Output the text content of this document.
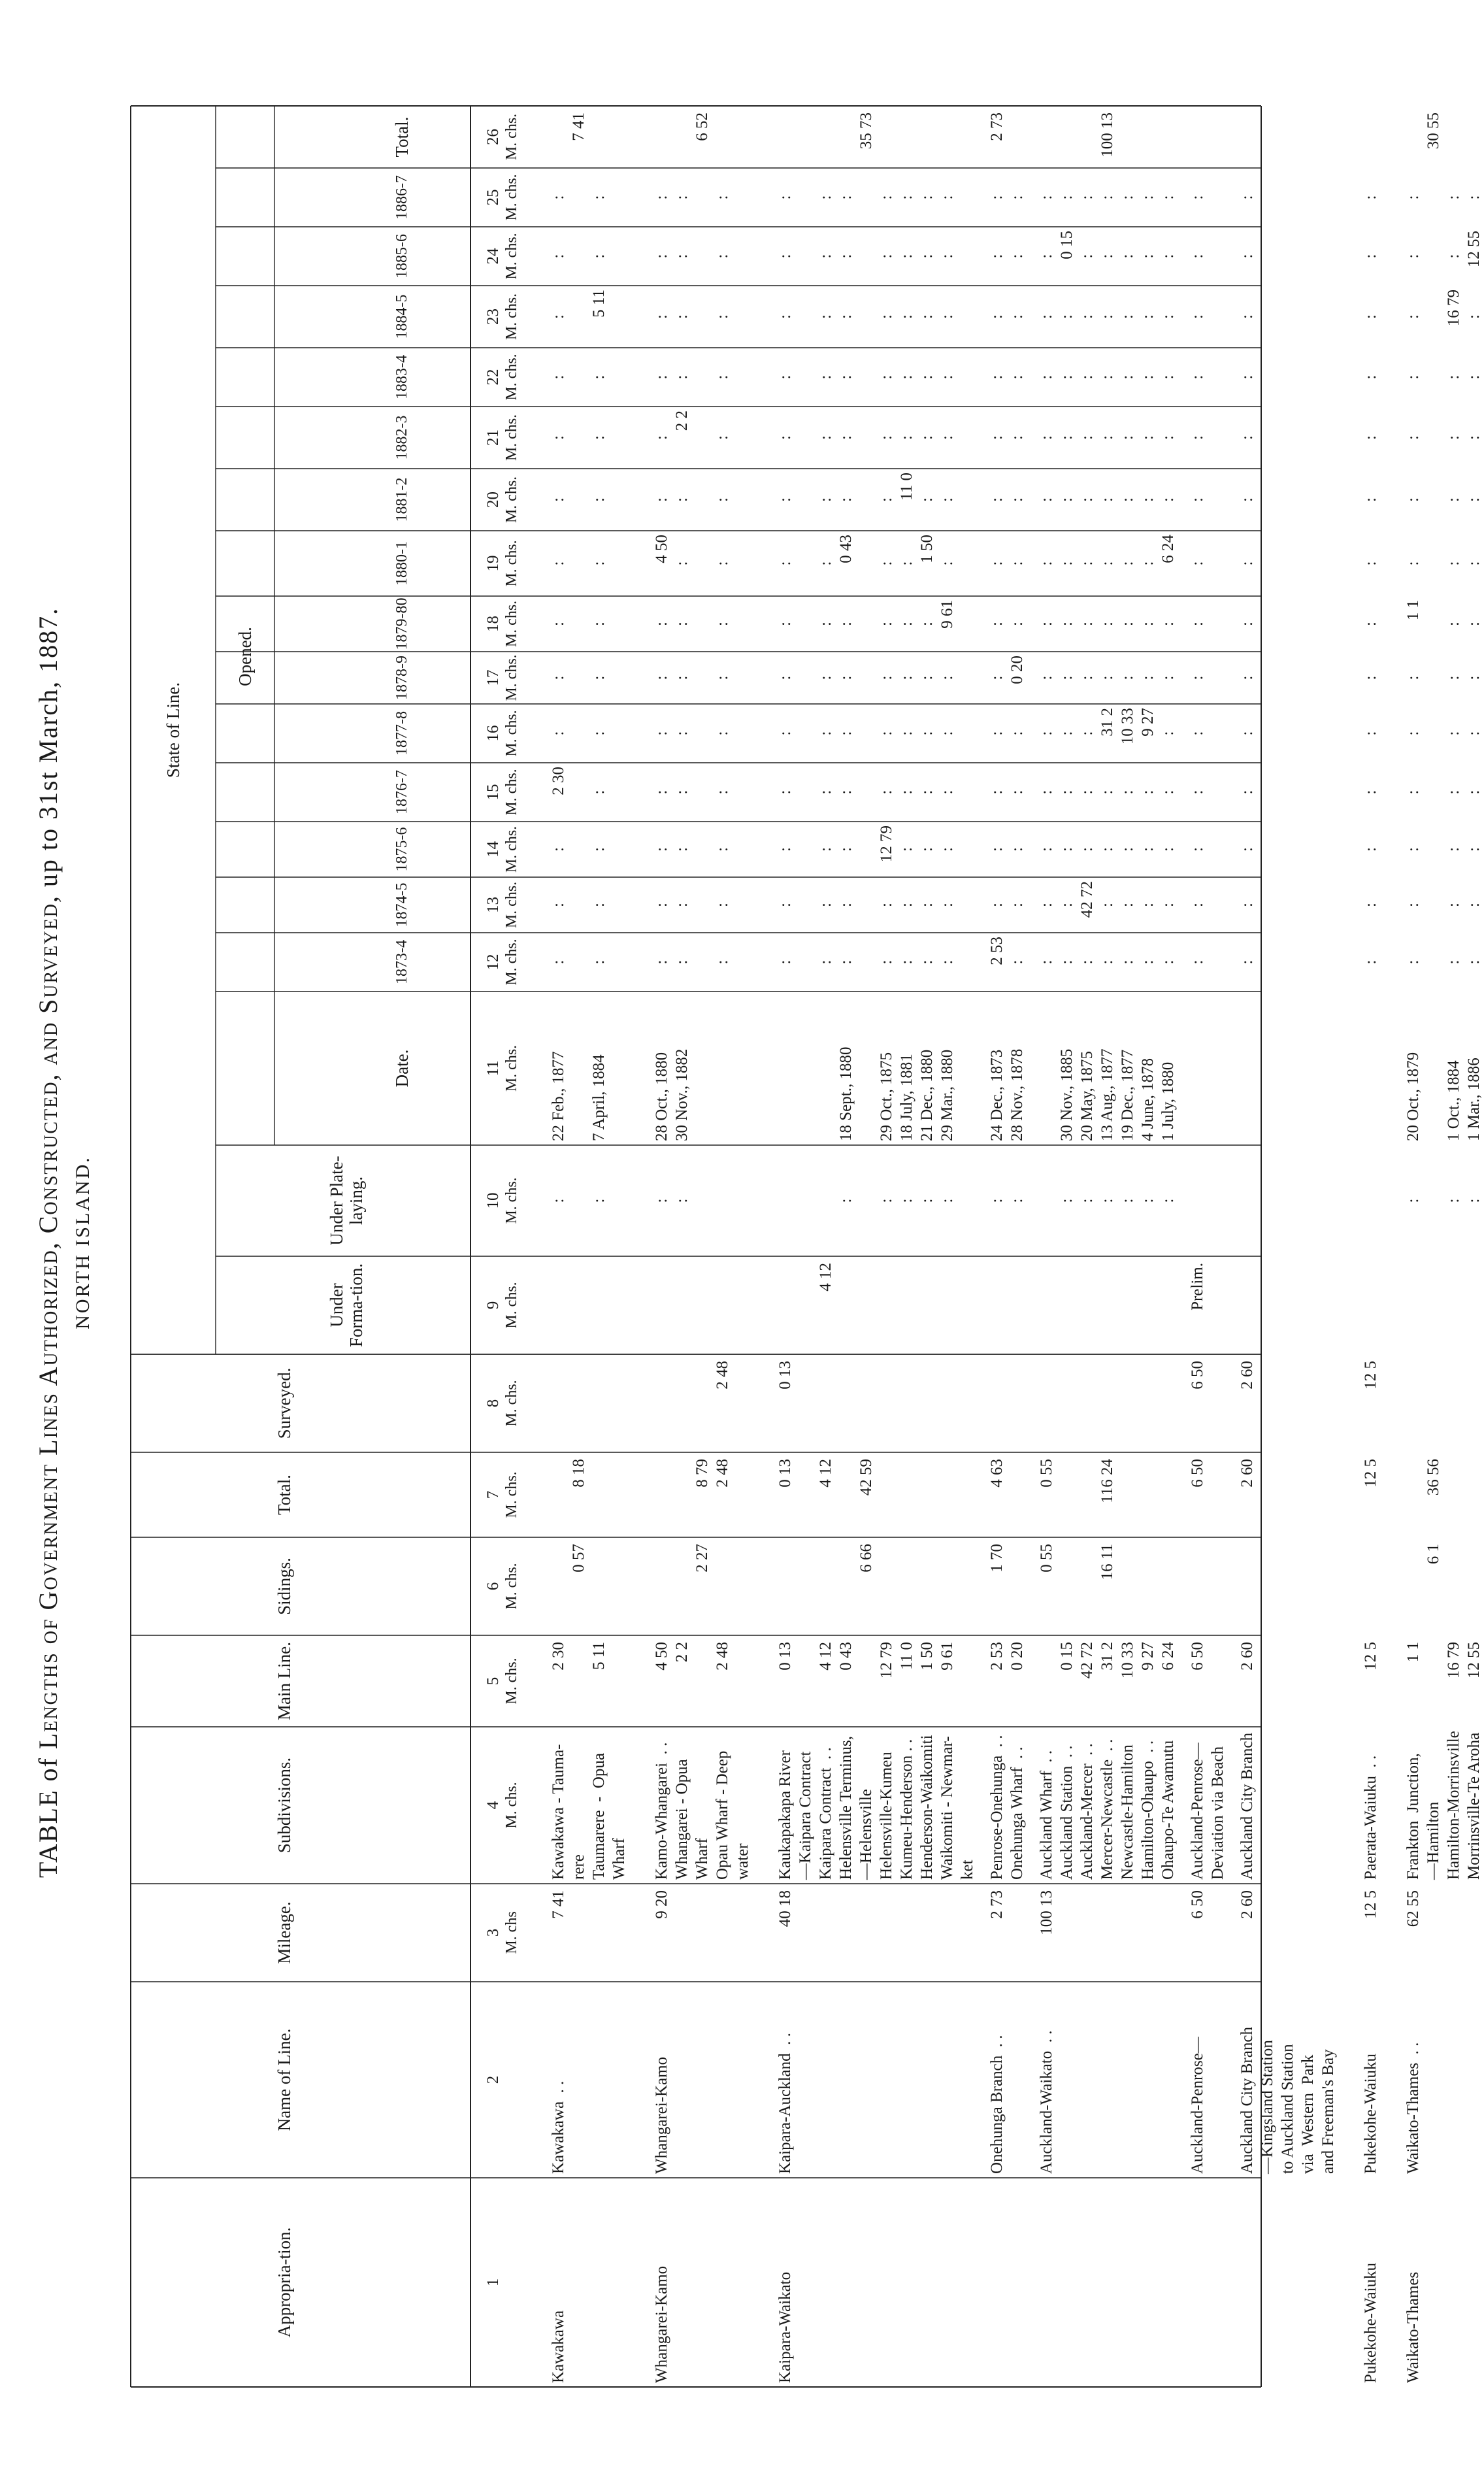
TABLE of Lengths of Government Lines Authorized, Constructed, and Surveyed, up to 31st March, 1887.
NORTH ISLAND.
Appropria-tion.
Name of Line.
Mileage.
Subdivisions.
Main Line.
Sidings.
Total.
Surveyed.
State of Line.
Under Forma-tion.
Under Plate-laying.
Opened.
Date.
1873-4
1874-5
1875-6
1876-7
1877-8
1878-9
1879-80
1880-1
1881-2
1882-3
1883-4
1884-5
1885-6
1886-7
Total.
1
2
3 M. chs
4 M. chs.
5 M. chs.
6 M. chs.
7 M. chs.
8 M. chs.
9 M. chs.
10 M. chs.
11 M. chs.
12 M. chs.
13 M. chs.
14 M. chs.
15 M. chs.
16 M. chs.
17 M. chs.
18 M. chs.
19 M. chs.
20 M. chs.
21 M. chs.
22 M. chs.
23 M. chs.
24 M. chs.
25 M. chs.
26 M. chs.
Kawakawa
Kawakawa  . .
7 41
0 57
8 18
7 41
Kawakawa - Tauma-
2 30
22 Feb., 1877
:
:
:
:
2 30
:
:
:
:
:
:
:
:
:
:
rere Taumarere  -  Opua
5 11
7 April, 1884
:
:
:
:
:
:
:
:
:
:
:
:
5 11
:
:
Wharf
Whangarei-Kamo
Whangarei-Kamo
9 20
2 27
8 79
6 52
Kamo-Whangarei  . .
4 50
28 Oct., 1880
:
:
:
:
:
:
:
:
4 50
:
:
:
:
:
:
Whangarei - Opua
2 2
30 Nov., 1882
:
:
:
:
:
:
:
:
:
:
2 2
:
:
:
:
Wharf Opau Wharf - Deep
2 48
2 48
2 48
:
:
:
:
:
:
:
:
:
:
:
:
:
:
water
Kaipara-Waikato
Kaipara-Auckland  . .
40 18
6 66
42 59
35 73
Kaukapakapa River
0 13
0 13
0 13
:
:
:
:
:
:
:
:
:
:
:
:
:
:
—Kaipara Contract Kaipara Contract  . .
4 12
4 12
4 12
:
:
:
:
:
:
:
:
:
:
:
:
:
:
Helensville Terminus,
0 43
18 Sept., 1880
:
:
:
:
:
:
:
:
0 43
:
:
:
:
:
:
—Helensville Helensville-Kumeu
12 79
29 Oct., 1875
:
:
:
12 79
:
:
:
:
:
:
:
:
:
:
:
Kumeu-Henderson . .
11 0
18 July, 1881
:
:
:
:
:
:
:
:
:
11 0
:
:
:
:
:
Henderson-Waikomiti
1 50
21 Dec., 1880
:
:
:
:
:
:
:
:
1 50
:
:
:
:
:
:
Waikomiti - Newmar-
9 61
29 Mar., 1880
:
:
:
:
:
:
:
9 61
:
:
:
:
:
:
:
ket
Onehunga Branch  . .
2 73
1 70
4 63
2 73
Penrose-Onehunga  . .
2 53
24 Dec., 1873
:
2 53
:
:
:
:
:
:
:
:
:
:
:
:
:
Onehunga Wharf  . .
0 20
28 Nov., 1878
:
:
:
:
:
:
0 20
:
:
:
:
:
:
:
:
Auckland-Waikato  . .
100 13
16 11
116 24
100 13
Auckland Wharf  . .
0 55
0 55
:
:
:
:
:
:
:
:
:
:
:
:
:
:
Auckland Station  . .
0 15
30 Nov., 1885
:
:
:
:
:
:
:
:
:
:
:
:
:
0 15
:
Auckland-Mercer  . .
42 72
20 May, 1875
:
:
42 72
:
:
:
:
:
:
:
:
:
:
:
:
Mercer-Newcastle  . .
31 2
13 Aug., 1877
:
:
:
:
:
31 2
:
:
:
:
:
:
:
:
:
Newcastle-Hamilton
10 33
19 Dec., 1877
:
:
:
:
:
10 33
:
:
:
:
:
:
:
:
:
Hamilton-Ohaupo  . .
9 27
4 June, 1878
:
:
:
:
:
9 27
:
:
:
:
:
:
:
:
:
Ohaupo-Te Awamutu
6 24
1 July, 1880
:
:
:
:
:
:
:
:
6 24
:
:
:
:
:
:
Auckland-Penrose—
6 50
Auckland-Penrose—
6 50
6 50
6 50
Prelim.
:
:
:
:
:
:
:
:
:
:
:
:
:
:
Deviation via Beach
Auckland City Branch —Kingsland Station to Auckland Station via  Western  Park and Freeman's Bay
2 60
Auckland City Branch
2 60
2 60
2 60
:
:
:
:
:
:
:
:
:
:
:
:
:
:
Pukekohe-Waiuku
Pukekohe-Waiuku
12 5
Paerata-Waiuku  . .
12 5
12 5
12 5
:
:
:
:
:
:
:
:
:
:
:
:
:
:
Waikato-Thames
Waikato-Thames  . .
62 55
6 1
36 56
30 55
Frankton  Junction,
1 1
20 Oct., 1879
:
:
:
:
:
:
:
1 1
:
:
:
:
:
:
:
—Hamilton Hamilton-Morrinsville
16 79
1 Oct., 1884
:
:
:
:
:
:
:
:
:
:
:
:
16 79
:
:
Morrinsville-Te Aroha
12 55
1 Mar., 1886
:
:
:
:
:
:
:
:
:
:
:
:
:
12 55
:
